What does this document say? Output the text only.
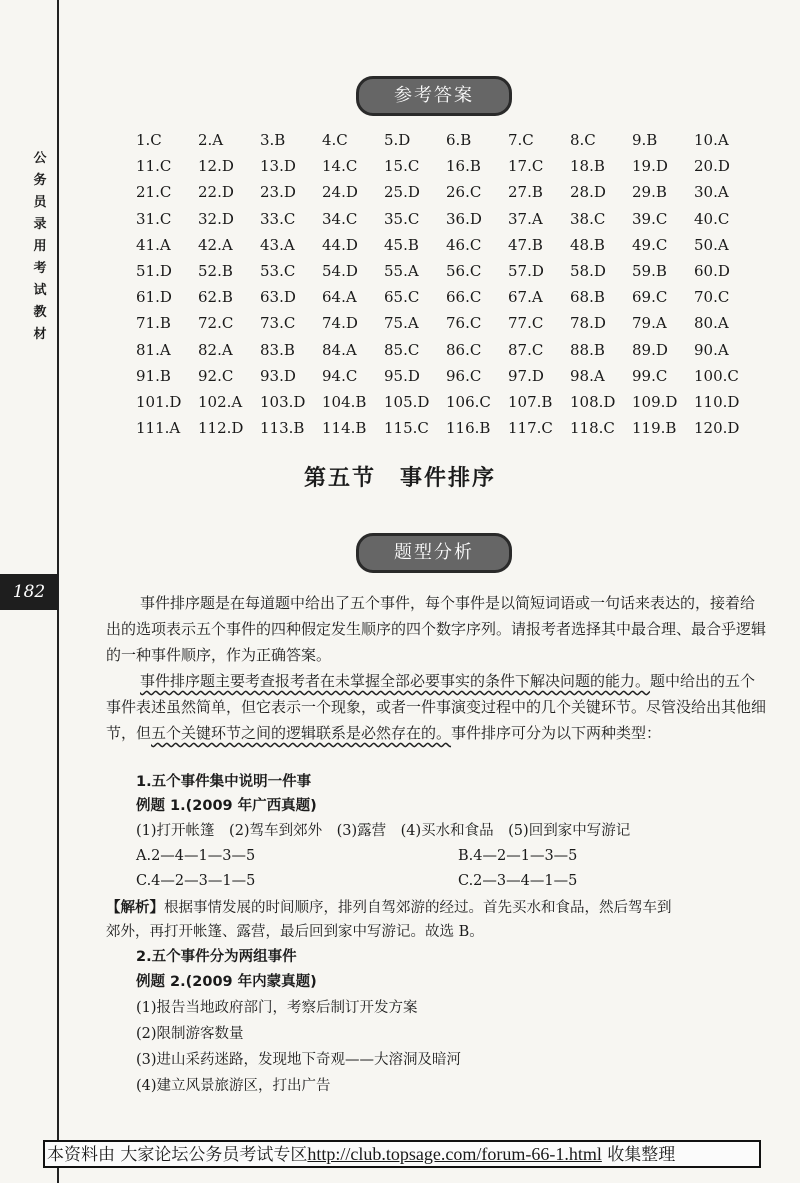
公
务
员
录
用
考
试
教
材
182
参考答案
1.C	2.A	3.B	4.C	5.D	6.B	7.C	8.C	9.B	10.A
11.C	12.D	13.D	14.C	15.C	16.B	17.C	18.B	19.D	20.D
21.C	22.D	23.D	24.D	25.D	26.C	27.B	28.D	29.B	30.A
31.C	32.D	33.C	34.C	35.C	36.D	37.A	38.C	39.C	40.C
41.A	42.A	43.A	44.D	45.B	46.C	47.B	48.B	49.C	50.A
51.D	52.B	53.C	54.D	55.A	56.C	57.D	58.D	59.B	60.D
61.D	62.B	63.D	64.A	65.C	66.C	67.A	68.B	69.C	70.C
71.B	72.C	73.C	74.D	75.A	76.C	77.C	78.D	79.A	80.A
81.A	82.A	83.B	84.A	85.C	86.C	87.C	88.B	89.D	90.A
91.B	92.C	93.D	94.C	95.D	96.C	97.D	98.A	99.C	100.C
101.D	102.A	103.D	104.B	105.D	106.C	107.B	108.D	109.D	110.D
111.A	112.D	113.B	114.B	115.C	116.B	117.C	118.C	119.B	120.D
第五节　事件排序
题型分析
事件排序题是在每道题中给出了五个事件，每个事件是以简短词语或一句话来表达的，接着给出的选项表示五个事件的四种假定发生顺序的四个数字序列。请报考者选择其中最合理、最合乎逻辑的一种事件顺序，作为正确答案。
事件排序题主要考查报考者在未掌握全部必要事实的条件下解决问题的能力。题中给出的五个事件表述虽然简单，但它表示一个现象，或者一件事演变过程中的几个关键环节。尽管没给出其他细节，但五个关键环节之间的逻辑联系是必然存在的。事件排序可分为以下两种类型：
1.五个事件集中说明一件事
例题 1.(2009 年广西真题)
(1)打开帐篷　(2)驾车到郊外　(3)露营　(4)买水和食品　(5)回到家中写游记
A.2—4—1—3—5	B.4—2—1—3—5
C.4—2—3—1—5	C.2—3—4—1—5
【解析】根据事情发展的时间顺序，排列自驾郊游的经过。首先买水和食品，然后驾车到
郊外，再打开帐篷、露营，最后回到家中写游记。故选 B。
2.五个事件分为两组事件
例题 2.(2009 年内蒙真题)
(1)报告当地政府部门，考察后制订开发方案
(2)限制游客数量
(3)进山采药迷路，发现地下奇观——大溶洞及暗河
(4)建立风景旅游区，打出广告
本资料由 大家论坛公务员考试专区http://club.topsage.com/forum-66-1.html 收集整理
